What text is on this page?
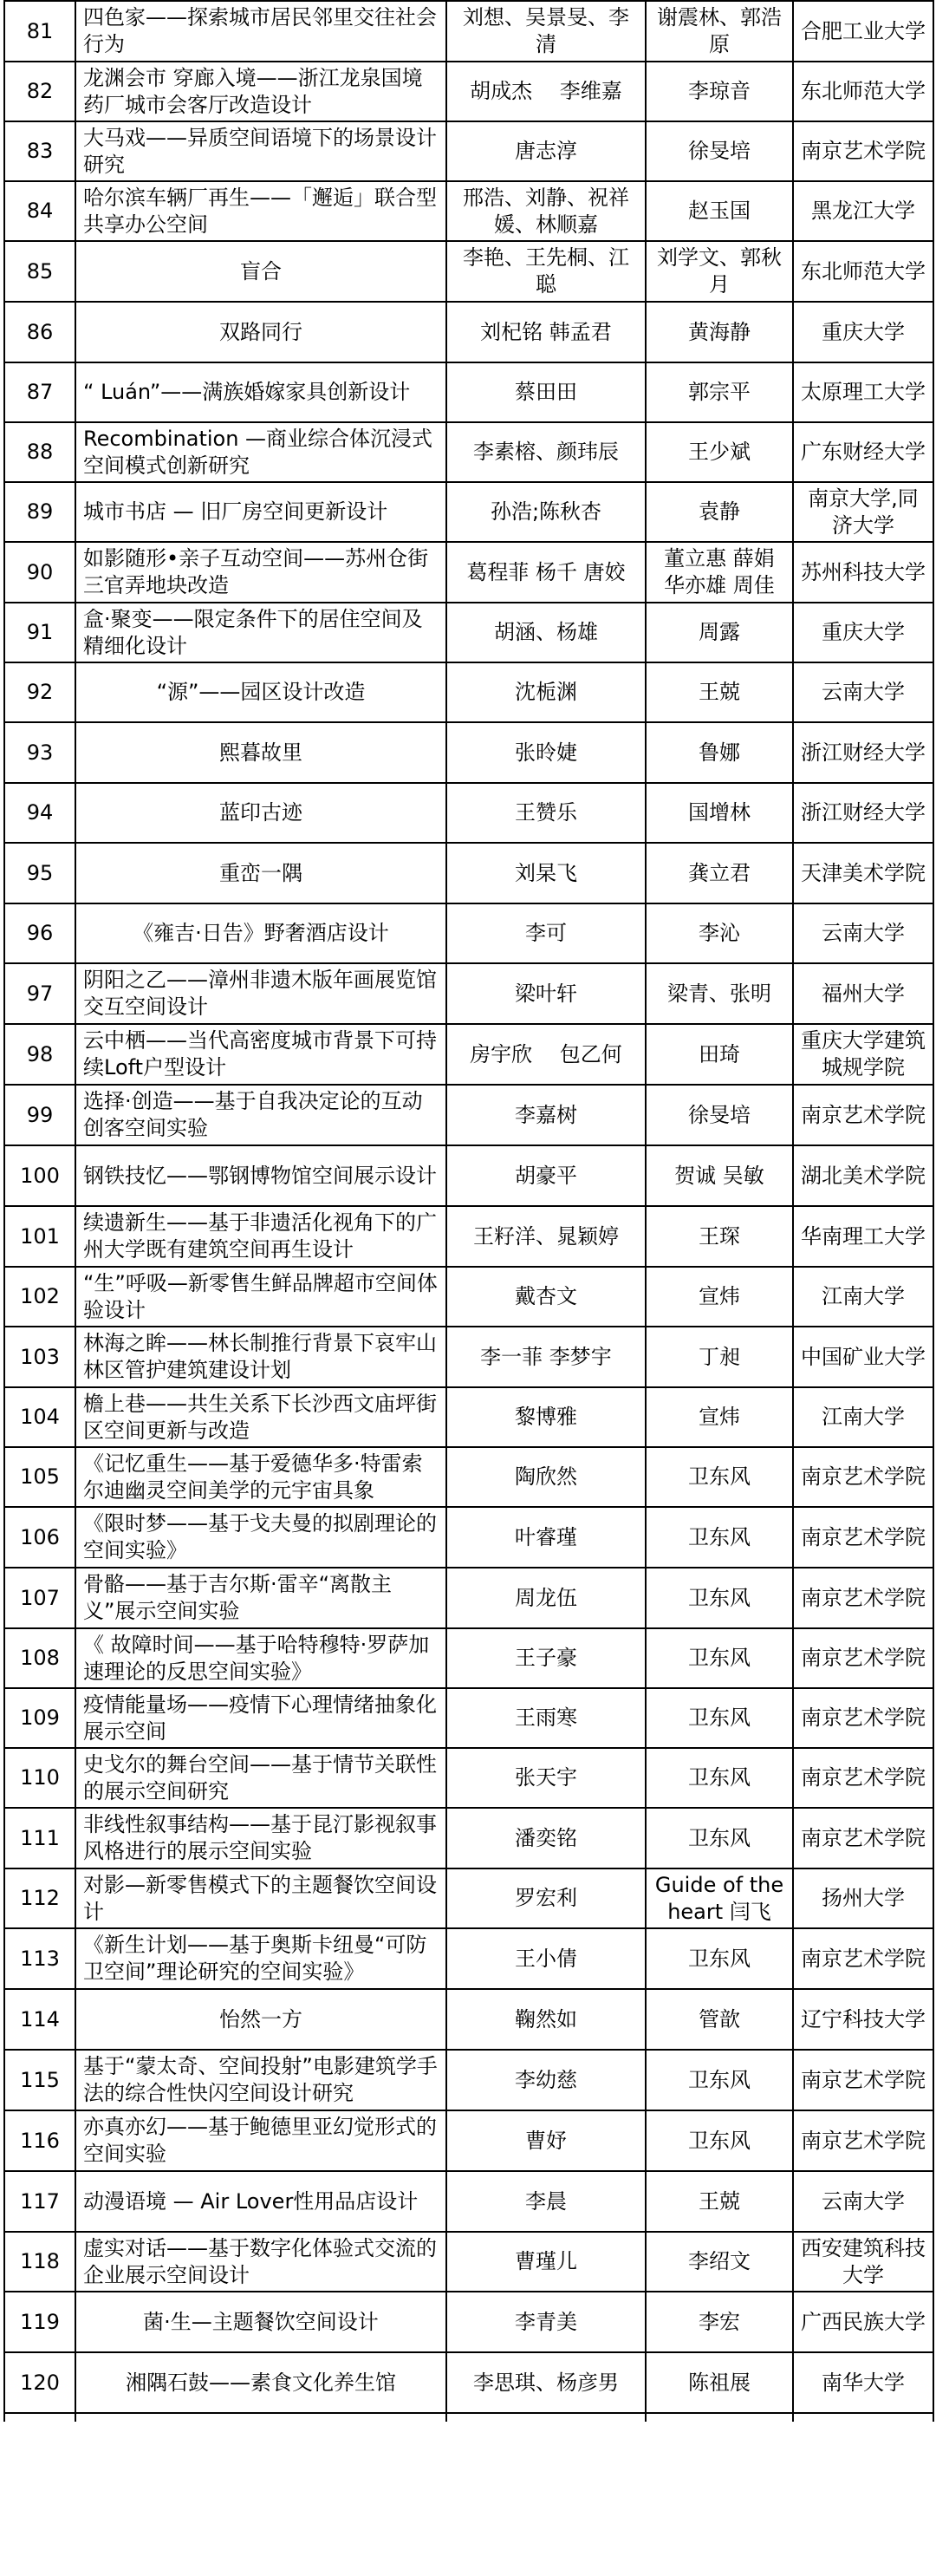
81	四色家——探索城市居民邻里交往社会行为	刘想、吴景旻、李清	谢震林、郭浩原	合肥工业大学
82	龙渊会市 穿廊入境——浙江龙泉国境药厂城市会客厅改造设计	胡成杰 　李维嘉	李琼音	东北师范大学
83	大马戏——异质空间语境下的场景设计研究	唐志淳	徐旻培	南京艺术学院
84	哈尔滨车辆厂再生——「邂逅」联合型共享办公空间	邢浩、刘静、祝祥媛、林顺嘉	赵玉国	黑龙江大学
85	盲合	李艳、王先桐、江聪	刘学文、郭秋月	东北师范大学
86	双路同行	刘杞铭 韩孟君	黄海静	重庆大学
87	“ Luán”——满族婚嫁家具创新设计	蔡田田	郭宗平	太原理工大学
88	Recombination —商业综合体沉浸式空间模式创新研究	李素榕、颜玮辰	王少斌	广东财经大学
89	城市书店 — 旧厂房空间更新设计	孙浩;陈秋杏	袁静	南京大学,同济大学
90	如影随形•亲子互动空间——苏州仓街三官弄地块改造	葛程菲 杨千 唐姣	董立惠 薛娟 华亦雄 周佳	苏州科技大学
91	盒·聚变——限定条件下的居住空间及精细化设计	胡涵、杨雄	周露	重庆大学
92	“源”——园区设计改造	沈栀渊	王兢	云南大学
93	熙暮故里	张昤婕	鲁娜	浙江财经大学
94	蓝印古迹	王赞乐	国增林	浙江财经大学
95	重峦一隅	刘杲飞	龚立君	天津美术学院
96	《雍吉·日告》野奢酒店设计	李可	李沁	云南大学
97	阴阳之乙——漳州非遗木版年画展览馆交互空间设计	梁叶轩	梁青、张明	福州大学
98	云中栖——当代高密度城市背景下可持续Loft户型设计	房宇欣 　包乙何	田琦	重庆大学建筑城规学院
99	选择·创造——基于自我决定论的互动创客空间实验	李嘉树	徐旻培	南京艺术学院
100	钢铁技忆——鄂钢博物馆空间展示设计	胡豪平	贺诚 吴敏	湖北美术学院
101	续遗新生——基于非遗活化视角下的广州大学既有建筑空间再生设计	王籽洋、晁颖婷	王琛	华南理工大学
102	“生”呼吸—新零售生鲜品牌超市空间体验设计	戴杏文	宣炜	江南大学
103	林海之眸——林长制推行背景下哀牢山林区管护建筑建设计划	李一菲 李梦宇	丁昶	中国矿业大学
104	檐上巷——共生关系下长沙西文庙坪街区空间更新与改造	黎博雅	宣炜	江南大学
105	《记忆重生——基于爱德华多·特雷索尔迪幽灵空间美学的元宇宙具象	陶欣然	卫东风	南京艺术学院
106	《限时梦——基于戈夫曼的拟剧理论的空间实验》	叶睿瑾	卫东风	南京艺术学院
107	骨骼——基于吉尔斯·雷辛“离散主义”展示空间实验	周龙伍	卫东风	南京艺术学院
108	《 故障时间——基于哈特穆特·罗萨加速理论的反思空间实验》	王子豪	卫东风	南京艺术学院
109	疫情能量场——疫情下心理情绪抽象化展示空间	王雨寒	卫东风	南京艺术学院
110	史戈尔的舞台空间——基于情节关联性的展示空间研究	张天宇	卫东风	南京艺术学院
111	非线性叙事结构——基于昆汀影视叙事风格进行的展示空间实验	潘奕铭	卫东风	南京艺术学院
112	对影—新零售模式下的主题餐饮空间设计	罗宏利	Guide of the heart 闫飞	扬州大学
113	《新生计划——基于奥斯卡纽曼“可防卫空间”理论研究的空间实验》	王小倩	卫东风	南京艺术学院
114	怡然一方	鞠然如	管歆	辽宁科技大学
115	基于“蒙太奇、空间投射”电影建筑学手法的综合性快闪空间设计研究	李幼慈	卫东风	南京艺术学院
116	亦真亦幻——基于鲍德里亚幻觉形式的空间实验	曹妤	卫东风	南京艺术学院
117	动漫语境 — Air Lover性用品店设计	李晨	王兢	云南大学
118	虚实对话——基于数字化体验式交流的企业展示空间设计	曹瑾儿	李绍文	西安建筑科技大学
119	菌·生—主题餐饮空间设计	李青美	李宏	广西民族大学
120	湘隅石鼓——素食文化养生馆	李思琪、杨彦男	陈祖展	南华大学
